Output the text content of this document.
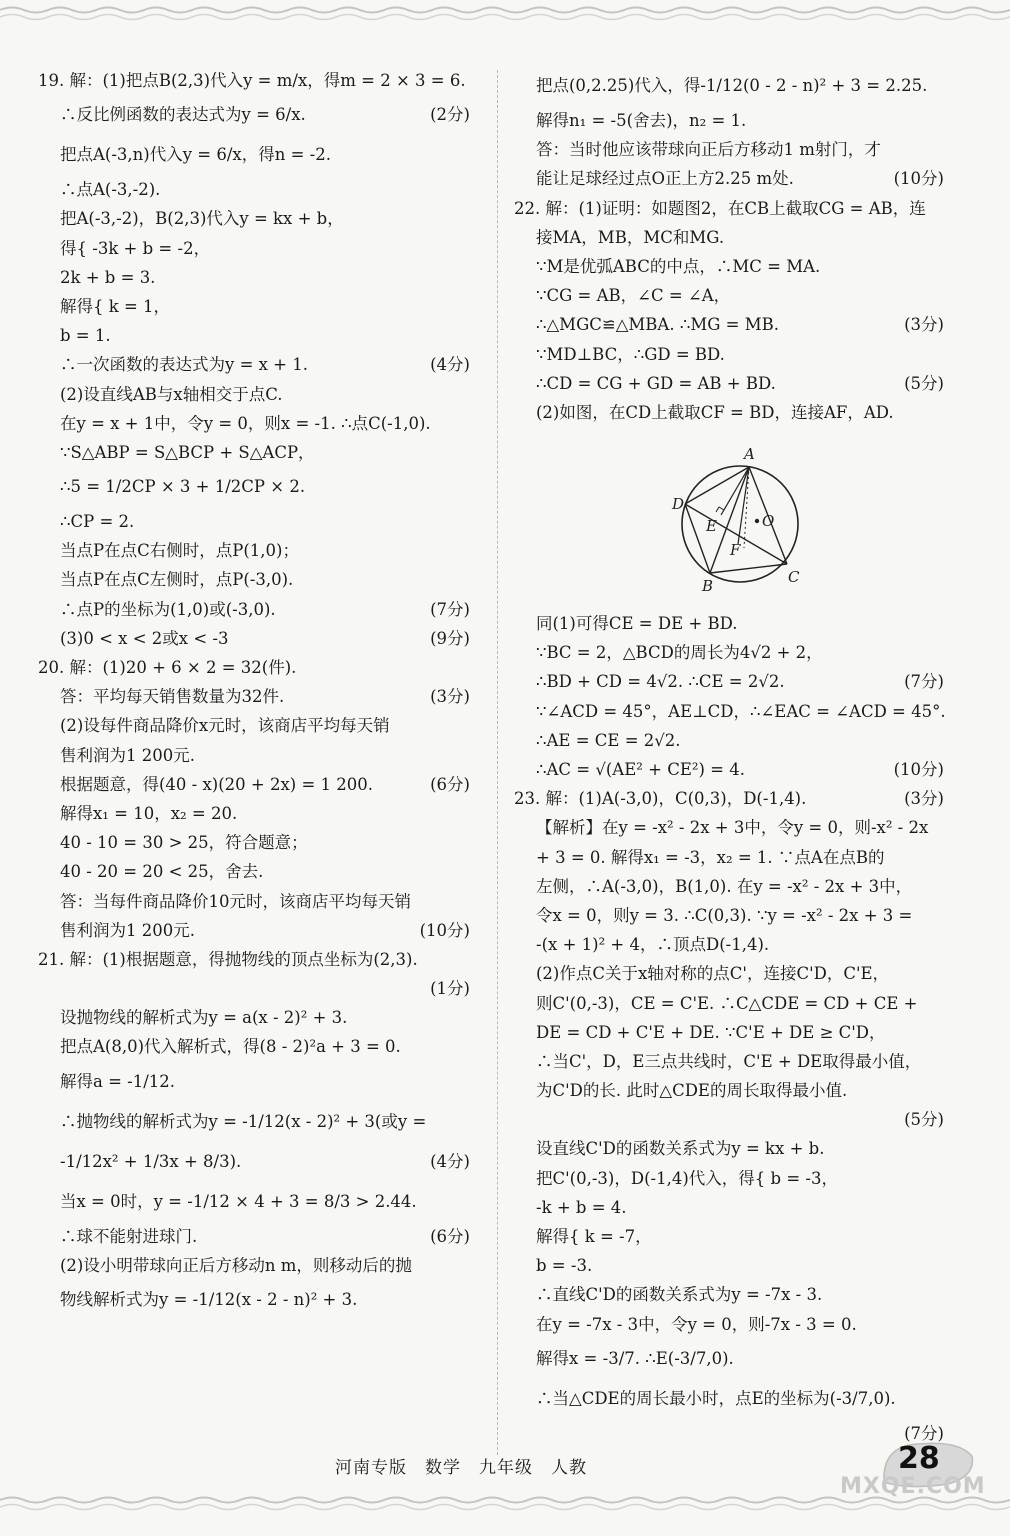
19. 解：(1)把点B(2,3)代入y = m/x，得m = 2 × 3 = 6.
∴反比例函数的表达式为y = 6/x.	(2分)
把点A(-3,n)代入y = 6/x，得n = -2.
∴点A(-3,-2).
把A(-3,-2)，B(2,3)代入y = kx + b，
得{ -3k + b = -2，
2k + b = 3.
解得{ k = 1，
b = 1.
∴一次函数的表达式为y = x + 1.	(4分)
(2)设直线AB与x轴相交于点C.
在y = x + 1中，令y = 0，则x = -1. ∴点C(-1,0).
∵S△ABP = S△BCP + S△ACP，
∴5 = 1/2CP × 3 + 1/2CP × 2.
∴CP = 2.
当点P在点C右侧时，点P(1,0)；
当点P在点C左侧时，点P(-3,0).
∴点P的坐标为(1,0)或(-3,0).	(7分)
(3)0 < x < 2或x < -3	(9分)
20. 解：(1)20 + 6 × 2 = 32(件).
答：平均每天销售数量为32件.	(3分)
(2)设每件商品降价x元时，该商店平均每天销
售利润为1 200元.
根据题意，得(40 - x)(20 + 2x) = 1 200.	(6分)
解得x₁ = 10，x₂ = 20.
40 - 10 = 30 > 25，符合题意；
40 - 20 = 20 < 25，舍去.
答：当每件商品降价10元时，该商店平均每天销
售利润为1 200元.	(10分)
21. 解：(1)根据题意，得抛物线的顶点坐标为(2,3).
(1分)
设抛物线的解析式为y = a(x - 2)² + 3.
把点A(8,0)代入解析式，得(8 - 2)²a + 3 = 0.
解得a = -1/12.
∴抛物线的解析式为y = -1/12(x - 2)² + 3(或y =
-1/12x² + 1/3x + 8/3).	(4分)
当x = 0时，y = -1/12 × 4 + 3 = 8/3 > 2.44.
∴球不能射进球门.	(6分)
(2)设小明带球向正后方移动n m，则移动后的抛
物线解析式为y = -1/12(x - 2 - n)² + 3.
把点(0,2.25)代入，得-1/12(0 - 2 - n)² + 3 = 2.25.
解得n₁ = -5(舍去)，n₂ = 1.
答：当时他应该带球向正后方移动1 m射门，才
能让足球经过点O正上方2.25 m处.	(10分)
22. 解：(1)证明：如题图2，在CB上截取CG = AB，连
接MA，MB，MC和MG.
∵M是优弧ABC的中点，∴MC = MA.
∵CG = AB，∠C = ∠A，
∴△MGC≌△MBA. ∴MG = MB.	(3分)
∵MD⊥BC，∴GD = BD.
∴CD = CG + GD = AB + BD.	(5分)
(2)如图，在CD上截取CF = BD，连接AF，AD.
A
D
E
F
O
B	C
同(1)可得CE = DE + BD.
∵BC = 2，△BCD的周长为4√2 + 2，
∴BD + CD = 4√2. ∴CE = 2√2.	(7分)
∵∠ACD = 45°，AE⊥CD，∴∠EAC = ∠ACD = 45°.
∴AE = CE = 2√2.
∴AC = √(AE² + CE²) = 4.	(10分)
23. 解：(1)A(-3,0)，C(0,3)，D(-1,4).	(3分)
【解析】在y = -x² - 2x + 3中，令y = 0，则-x² - 2x
+ 3 = 0. 解得x₁ = -3，x₂ = 1. ∵点A在点B的
左侧，∴A(-3,0)，B(1,0). 在y = -x² - 2x + 3中，
令x = 0，则y = 3. ∴C(0,3). ∵y = -x² - 2x + 3 =
-(x + 1)² + 4，∴顶点D(-1,4).
(2)作点C关于x轴对称的点C'，连接C'D，C'E，
则C'(0,-3)，CE = C'E. ∴C△CDE = CD + CE +
DE = CD + C'E + DE. ∵C'E + DE ≥ C'D，
∴当C'，D，E三点共线时，C'E + DE取得最小值，
为C'D的长. 此时△CDE的周长取得最小值.
(5分)
设直线C'D的函数关系式为y = kx + b.
把C'(0,-3)，D(-1,4)代入，得{ b = -3，
-k + b = 4.
解得{ k = -7，
b = -3.
∴直线C'D的函数关系式为y = -7x - 3.
在y = -7x - 3中，令y = 0，则-7x - 3 = 0.
解得x = -3/7. ∴E(-3/7,0).
∴当△CDE的周长最小时，点E的坐标为(-3/7,0).
(7分)
河南专版　数学　九年级　人教	28
MXQE.COM
